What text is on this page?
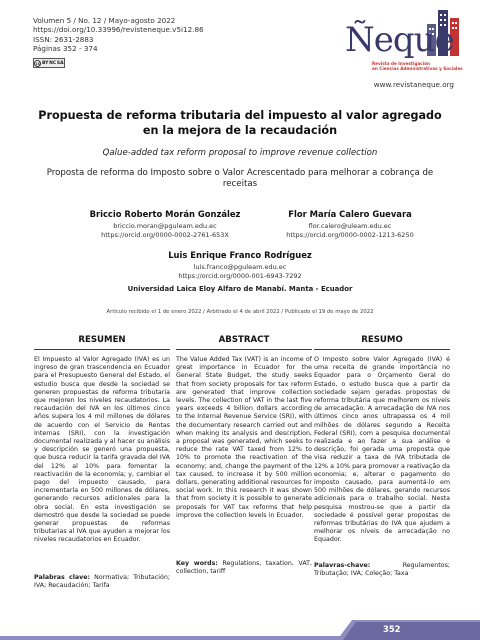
Volumen 5 / No. 12 / Mayo-agosto 2022
https://doi.org/10.33996/revisteneque.v5i12.86
ISSN: 2631-2883
Páginas 352 - 374
cc BY NC SA
Ñeque
Revista de Investigación
en Ciencias Administrativas y Sociales
www.revistaneque.org
Propuesta de reforma tributaria del impuesto al valor agregado en la mejora de la recaudación
Qalue-added tax reform proposal to improve revenue collection
Proposta de reforma do Imposto sobre o Valor Acrescentado para melhorar a cobrança de receitas
Briccio Roberto Morán González
briccio.moran@pguleam.edu.ec
https://orcid.org/0000-0002-2761-653X
Flor María Calero Guevara
flor.calero@uleam.edu.ec
https://orcid.org/0000-0002-1213-6250
Luis Enrique Franco Rodríguez
luis.franco@pguleam.edu.ec
https://orcid.org/0000-001-6943-7292
Universidad Laica Eloy Alfaro de Manabí. Manta - Ecuador
Artículo recibido el 1 de enero 2022 / Arbitrado el 4 de abril 2022 / Publicado el 19 de mayo de 2022
RESUMEN	ABSTRACT	RESUMO
El Impuesto al Valor Agregado (IVA) es un ingreso de gran trascendencia en Ecuador para el Presupuesto General del Estado, el estudio busca que desde la sociedad se generen propuestas de reforma tributaria que mejoren los niveles recaudatorios. La recaudación del IVA en los últimos cinco años supera los 4 mil millones de dólares de acuerdo con el Servicio de Rentas Internas (SRI), con la investigación documental realizada y al hacer su análisis y descripción se generó una propuesta, que busca reducir la tarifa gravada del IVA del 12% al 10% para fomentar la reactivación de la economía; y, cambiar el pago del impuesto causado, para incrementarla en 500 millones de dólares, generando recursos adicionales para la obra social. En esta investigación se demostró que desde la sociedad se puede generar propuestas de reformas tributarias al IVA que ayuden a mejorar los niveles recaudatorios en Ecuador.
The Value Added Tax (VAT) is an income of great importance in Ecuador for the General State Budget, the study seeks that from society proposals for tax reform are generated that improve collection levels. The collection of VAT in the last five years exceeds 4 billion dollars according to the Internal Revenue Service (SRI), with the documentary research carried out and when making its analysis and description, a proposal was generated, which seeks to reduce the rate VAT taxed from 12% to 10% to promote the reactivation of the economy; and, change the payment of the tax caused, to increase it by 500 million dollars, generating additional resources for social work. In this research it was shown that from society it is possible to generate proposals for VAT tax reforms that help improve the collection levels in Ecuador.
O Imposto sobre Valor Agregado (IVA) é uma receita de grande importância no Equador para o Orçamento Geral do Estado, o estudo busca que a partir da sociedade sejam geradas propostas de reforma tributária que melhorem os níveis de arrecadação. A arrecadação de IVA nos últimos cinco anos ultrapassa os 4 mil milhões de dólares segundo a Receita Federal (SRI), com a pesquisa documental realizada e ao fazer a sua análise e descrição, foi gerada uma proposta que visa reduzir a taxa de IVA tributada de 12% a 10% para promover a reativação da economia; e, alterar o pagamento do imposto causado, para aumentá-lo em 500 milhões de dólares, gerando recursos adicionais para o trabalho social. Nesta pesquisa mostrou-se que a partir da sociedade é possível gerar propostas de reformas tributárias do IVA que ajudem a melhorar os níveis de arrecadação no Equador.
Palabras clave: Normativa; Tributación; IVA; Recaudación; Tarifa
Key words: Regulations, taxation, VAT, collection, tariff
Palavras-chave:	Regulamentos; Tributação; IVA; Coleção; Taxa
352
